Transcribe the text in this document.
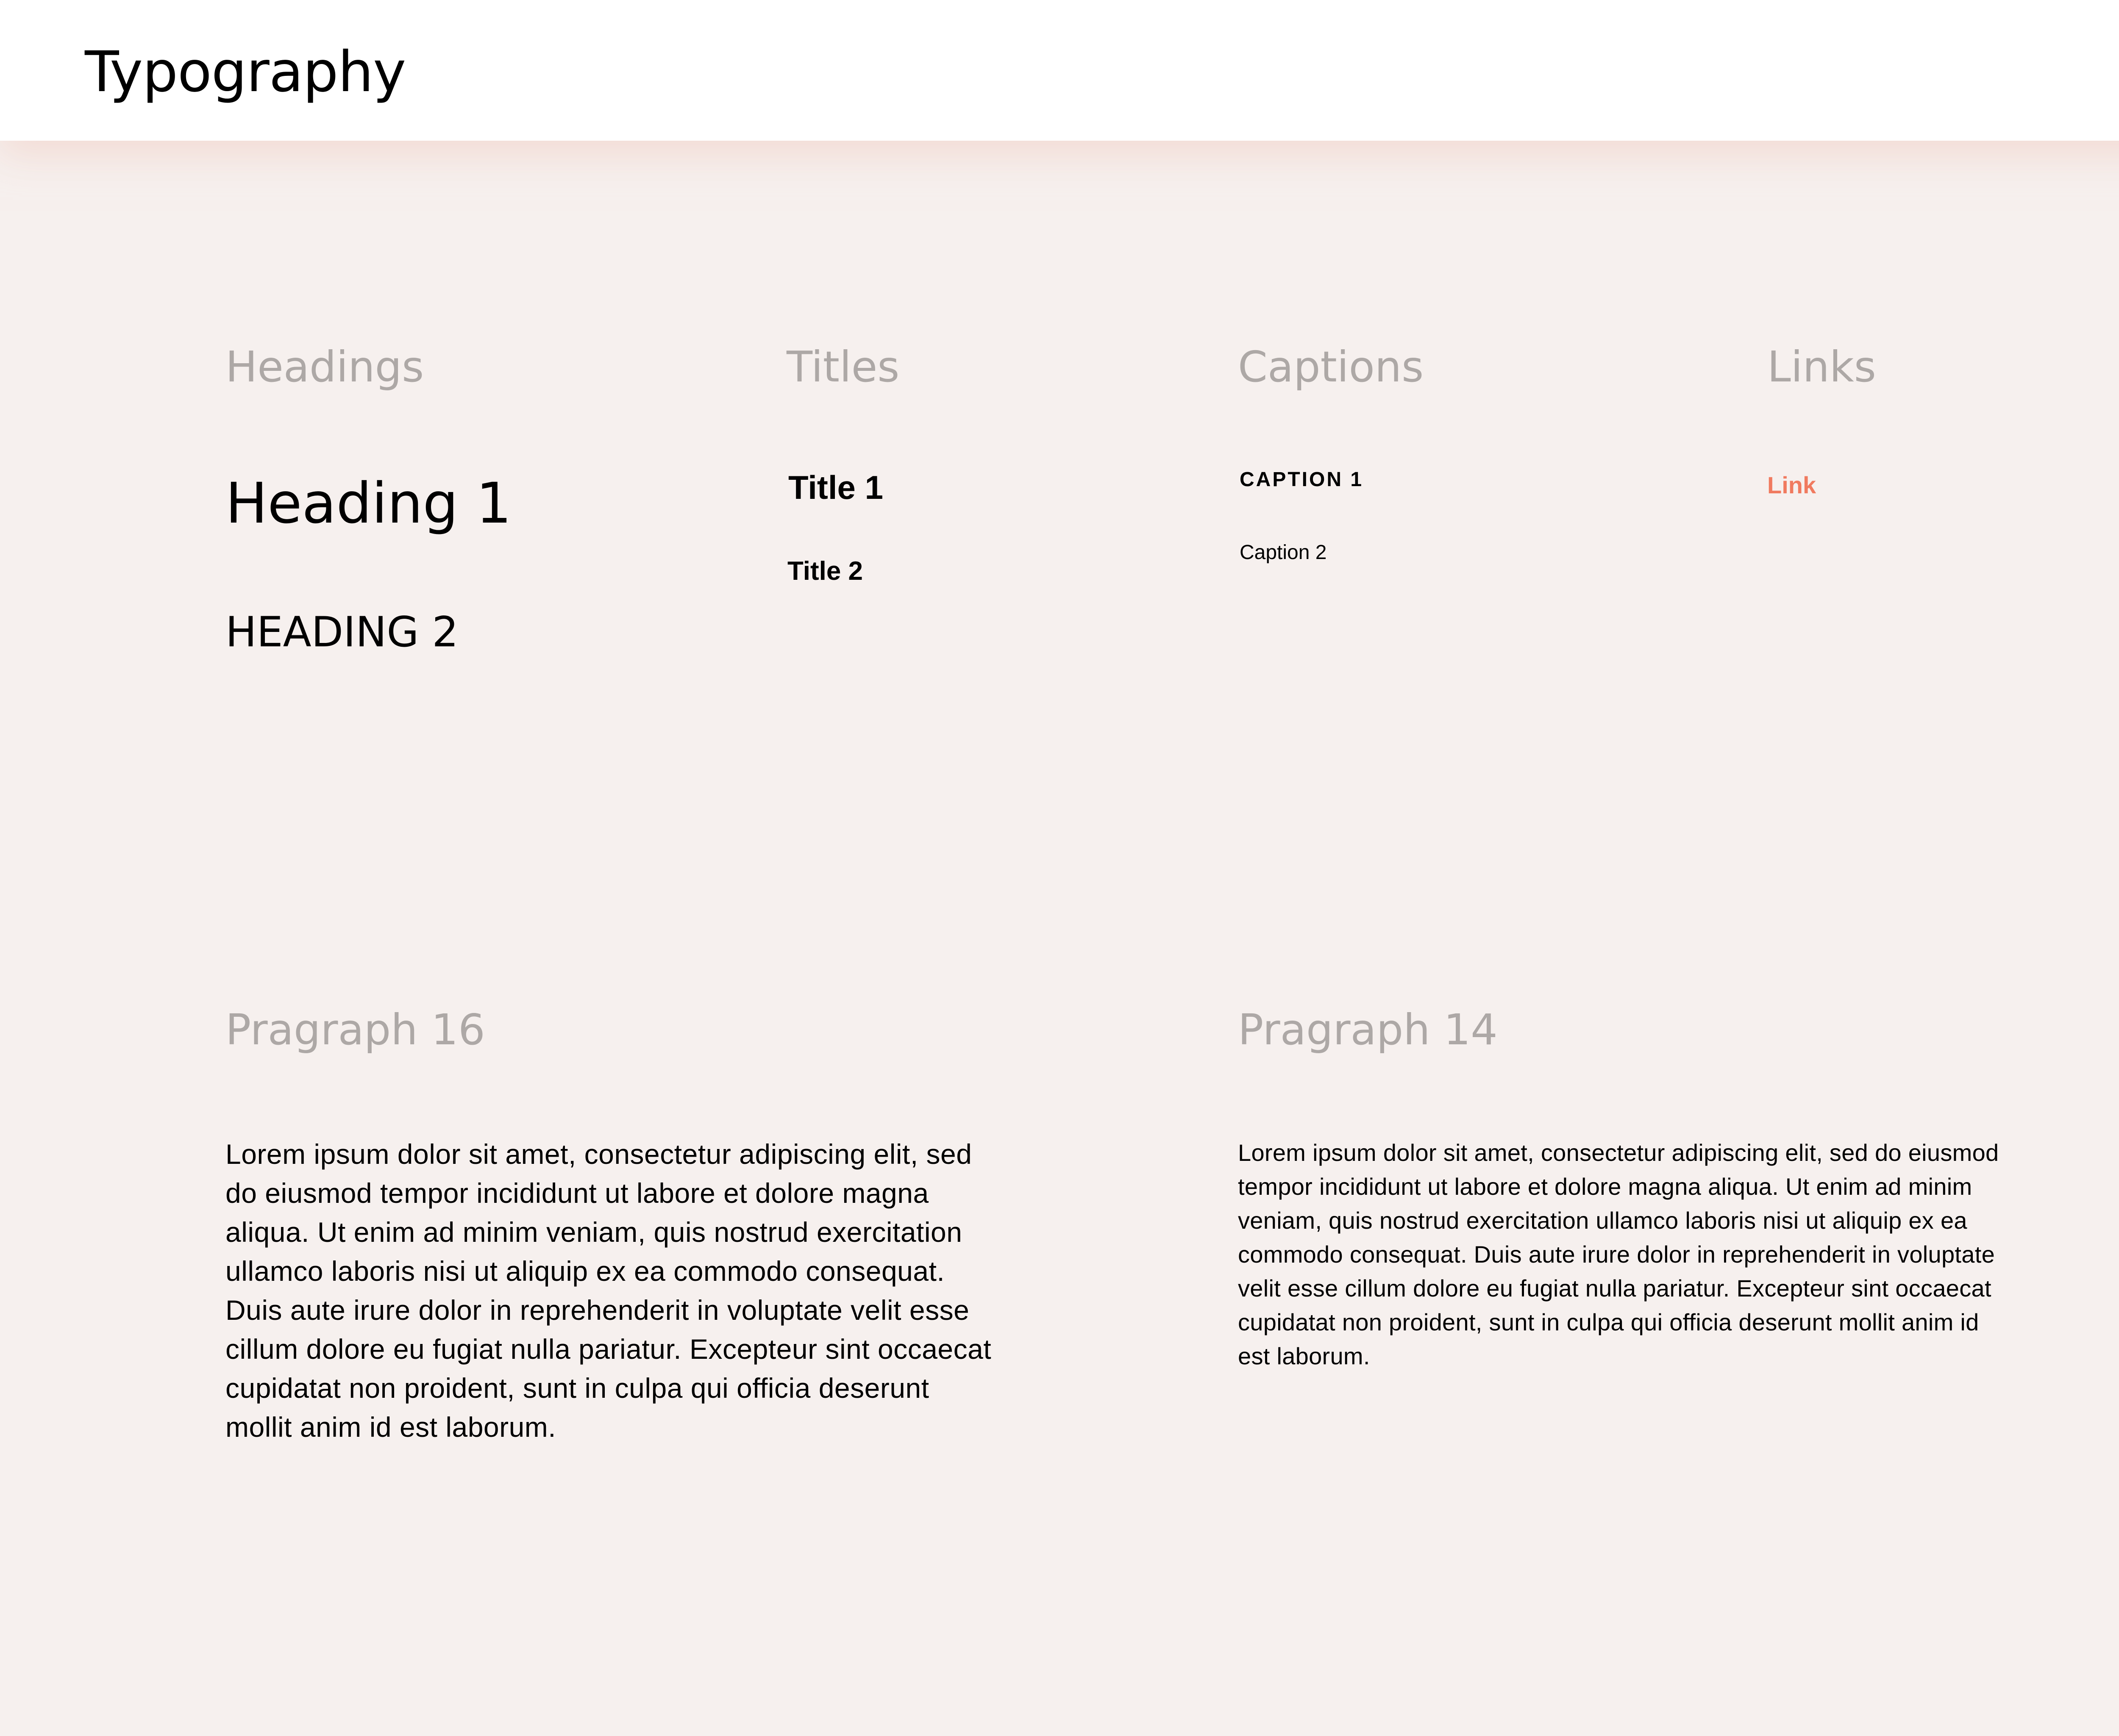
Typography
Headings
Heading 1
HEADING 2
Titles
Title 1
Title 2
Captions
CAPTION 1
Caption 2
Links
Link
Pragraph 16

Lorem ipsum dolor sit amet, consectetur adipiscing elit, sed do eiusmod tempor incididunt ut labore et dolore magna aliqua. Ut enim ad minim veniam, quis nostrud exercitation ullamco laboris nisi ut aliquip ex ea commodo consequat. Duis aute irure dolor in reprehenderit in voluptate velit esse cillum dolore eu fugiat nulla pariatur. Excepteur sint occaecat cupidatat non proident, sunt in culpa qui officia deserunt mollit anim id est laborum.

Pragraph 14

Lorem ipsum dolor sit amet, consectetur adipiscing elit, sed do eiusmod tempor incididunt ut labore et dolore magna aliqua. Ut enim ad minim veniam, quis nostrud exercitation ullamco laboris nisi ut aliquip ex ea commodo consequat. Duis aute irure dolor in reprehenderit in voluptate velit esse cillum dolore eu fugiat nulla pariatur. Excepteur sint occaecat cupidatat non proident, sunt in culpa qui officia deserunt mollit anim id est laborum.
